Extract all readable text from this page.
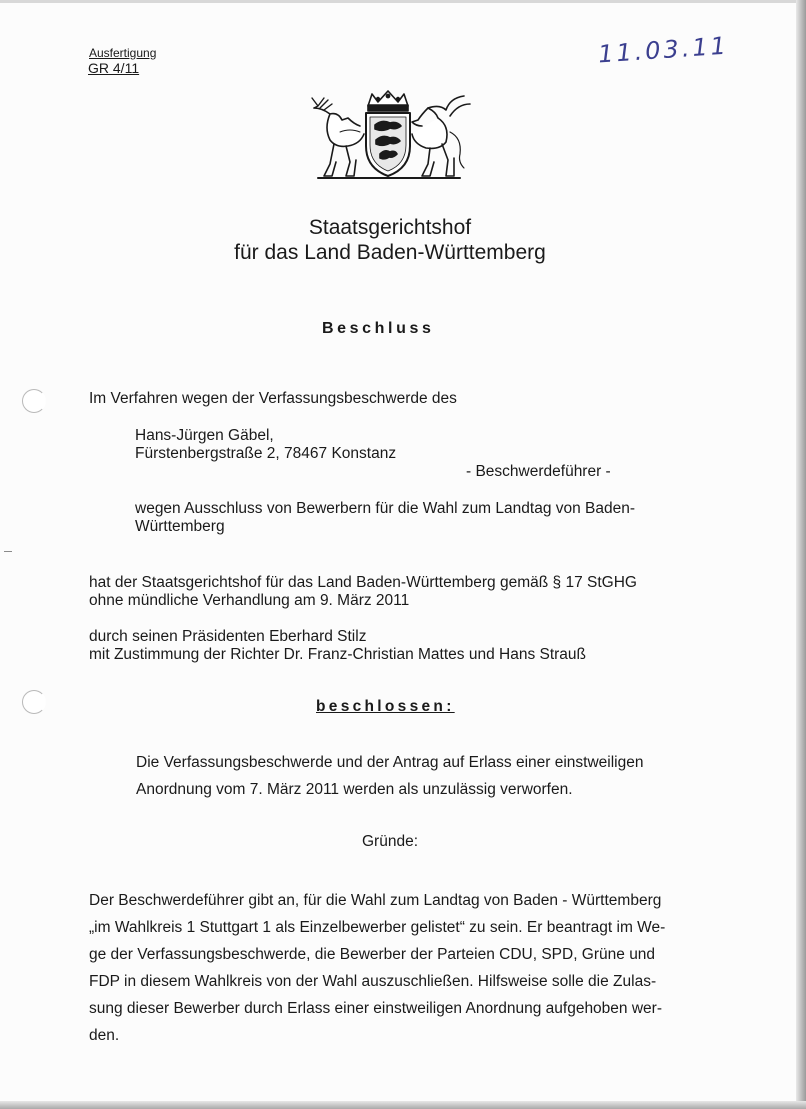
Ausfertigung

GR 4/11	11.03.11

Staatsgerichtshof

für das Land Baden-Württemberg

Beschluss

Im Verfahren wegen der Verfassungsbeschwerde des

Hans-Jürgen Gäbel,

Fürstenbergstraße 2, 78467 Konstanz

- Beschwerdeführer -

wegen Ausschluss von Bewerbern für die Wahl zum Landtag von Baden-

Württemberg

hat der Staatsgerichtshof für das Land Baden-Württemberg gemäß § 17 StGHG

ohne mündliche Verhandlung am 9. März 2011

durch seinen Präsidenten Eberhard Stilz

mit Zustimmung der Richter Dr. Franz-Christian Mattes und Hans Strauß

beschlossen:

Die Verfassungsbeschwerde und der Antrag auf Erlass einer einstweiligen

Anordnung vom 7. März 2011 werden als unzulässig verworfen.

Gründe:

Der Beschwerdeführer gibt an, für die Wahl zum Landtag von Baden - Württemberg
„im Wahlkreis 1 Stuttgart 1 als Einzelbewerber gelistet“ zu sein. Er beantragt im We-
ge der Verfassungsbeschwerde, die Bewerber der Parteien CDU, SPD, Grüne und
FDP in diesem Wahlkreis von der Wahl auszuschließen. Hilfsweise solle die Zulas-
sung dieser Bewerber durch Erlass einer einstweiligen Anordnung aufgehoben wer-
den.
